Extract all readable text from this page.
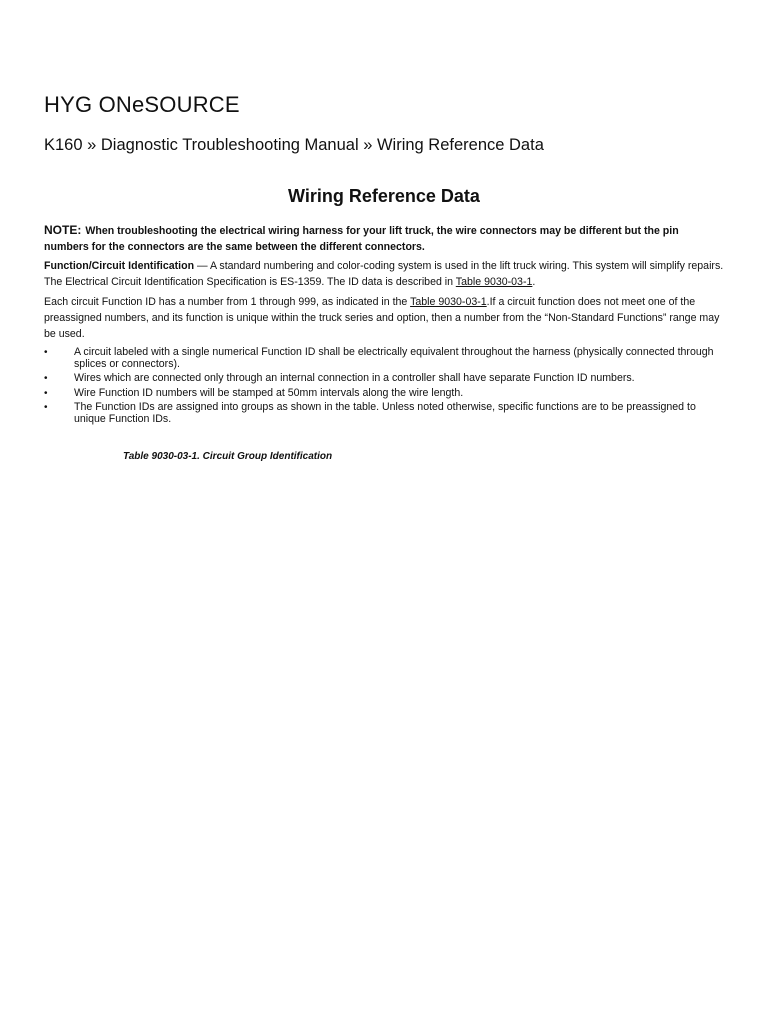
HYG ONeSOURCE
K160 » Diagnostic Troubleshooting Manual » Wiring Reference Data
Wiring Reference Data
NOTE: When troubleshooting the electrical wiring harness for your lift truck, the wire connectors may be different but the pin numbers for the connectors are the same between the different connectors.
Function/Circuit Identification — A standard numbering and color-coding system is used in the lift truck wiring. This system will simplify repairs. The Electrical Circuit Identification Specification is ES-1359. The ID data is described in Table 9030-03-1.
Each circuit Function ID has a number from 1 through 999, as indicated in the Table 9030-03-1.If a circuit function does not meet one of the preassigned numbers, and its function is unique within the truck series and option, then a number from the “Non-Standard Functions” range may be used.
• A circuit labeled with a single numerical Function ID shall be electrically equivalent throughout the harness (physically connected through splices or connectors).
• Wires which are connected only through an internal connection in a controller shall have separate Function ID numbers.
• Wire Function ID numbers will be stamped at 50mm intervals along the wire length.
• The Function IDs are assigned into groups as shown in the table. Unless noted otherwise, specific functions are to be preassigned to unique Function IDs.
Table 9030-03-1. Circuit Group Identification
